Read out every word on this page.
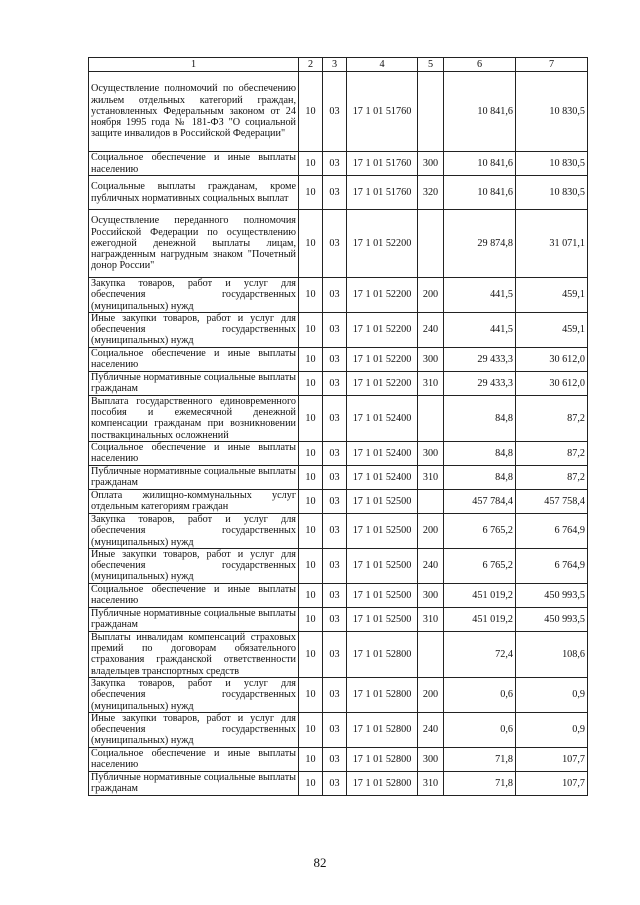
1	2	3	4	5	6	7
Осуществление полномочий по обеспечению жильем отдельных категорий граждан, установленных Федеральным законом от 24 ноября 1995 года № 181-ФЗ "О социальной защите инвалидов в Российской Федерации"	10	03	17 1 01 51760		10 841,6	10 830,5
Социальное обеспечение и иные выплаты населению	10	03	17 1 01 51760	300	10 841,6	10 830,5
Социальные выплаты гражданам, кроме публичных нормативных социальных выплат	10	03	17 1 01 51760	320	10 841,6	10 830,5
Осуществление переданного полномочия Российской Федерации по осуществлению ежегодной денежной выплаты лицам, награжденным нагрудным знаком "Почетный донор России"	10	03	17 1 01 52200		29 874,8	31 071,1
Закупка товаров, работ и услуг для обеспечения государственных (муниципальных) нужд	10	03	17 1 01 52200	200	441,5	459,1
Иные закупки товаров, работ и услуг для обеспечения государственных (муниципальных) нужд	10	03	17 1 01 52200	240	441,5	459,1
Социальное обеспечение и иные выплаты населению	10	03	17 1 01 52200	300	29 433,3	30 612,0
Публичные нормативные социальные выплаты гражданам	10	03	17 1 01 52200	310	29 433,3	30 612,0
Выплата государственного единовременного пособия и ежемесячной денежной компенсации гражданам при возникновении поствакцинальных осложнений	10	03	17 1 01 52400		84,8	87,2
Социальное обеспечение и иные выплаты населению	10	03	17 1 01 52400	300	84,8	87,2
Публичные нормативные социальные выплаты гражданам	10	03	17 1 01 52400	310	84,8	87,2
Оплата жилищно-коммунальных услуг отдельным категориям граждан	10	03	17 1 01 52500		457 784,4	457 758,4
Закупка товаров, работ и услуг для обеспечения государственных (муниципальных) нужд	10	03	17 1 01 52500	200	6 765,2	6 764,9
Иные закупки товаров, работ и услуг для обеспечения государственных (муниципальных) нужд	10	03	17 1 01 52500	240	6 765,2	6 764,9
Социальное обеспечение и иные выплаты населению	10	03	17 1 01 52500	300	451 019,2	450 993,5
Публичные нормативные социальные выплаты гражданам	10	03	17 1 01 52500	310	451 019,2	450 993,5
Выплаты инвалидам компенсаций страховых премий по договорам обязательного страхования гражданской ответственности владельцев транспортных средств	10	03	17 1 01 52800		72,4	108,6
Закупка товаров, работ и услуг для обеспечения государственных (муниципальных) нужд	10	03	17 1 01 52800	200	0,6	0,9
Иные закупки товаров, работ и услуг для обеспечения государственных (муниципальных) нужд	10	03	17 1 01 52800	240	0,6	0,9
Социальное обеспечение и иные выплаты населению	10	03	17 1 01 52800	300	71,8	107,7
Публичные нормативные социальные выплаты гражданам	10	03	17 1 01 52800	310	71,8	107,7
82
